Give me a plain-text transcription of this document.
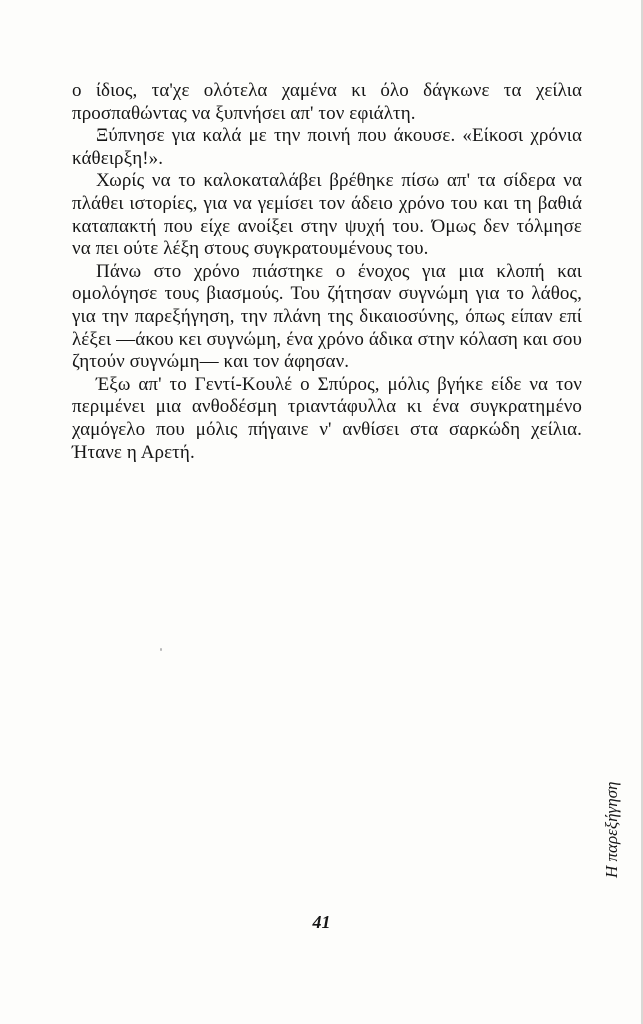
ο ίδιος, τα'χε ολότελα χαμένα κι όλο δάγκωνε τα χείλια προσπαθώντας να ξυπνήσει απ' τον εφιάλτη.

Ξύπνησε για καλά με την ποινή που άκουσε. «Είκοσι χρόνια κάθειρξη!».

Χωρίς να το καλοκαταλάβει βρέθηκε πίσω απ' τα σίδερα να πλάθει ιστορίες, για να γεμίσει τον άδειο χρόνο του και τη βαθιά καταπακτή που είχε ανοίξει στην ψυχή του. Όμως δεν τόλμησε να πει ούτε λέξη στους συγκρατουμένους του.

Πάνω στο χρόνο πιάστηκε ο ένοχος για μια κλοπή και ομολόγησε τους βιασμούς. Του ζήτησαν συγνώμη για το λάθος, για την παρεξήγηση, την πλάνη της δικαιοσύνης, όπως είπαν επί λέξει —άκου κει συγνώμη, ένα χρόνο άδικα στην κόλαση και σου ζητούν συγνώμη— και τον άφησαν.

Έξω απ' το Γεντί-Κουλέ ο Σπύρος, μόλις βγήκε είδε να τον περιμένει μια ανθοδέσμη τριαντάφυλλα κι ένα συγκρατημένο χαμόγελο που μόλις πήγαινε ν' ανθίσει στα σαρκώδη χείλια. Ήτανε η Αρετή.

Η παρεξήγηση
41
